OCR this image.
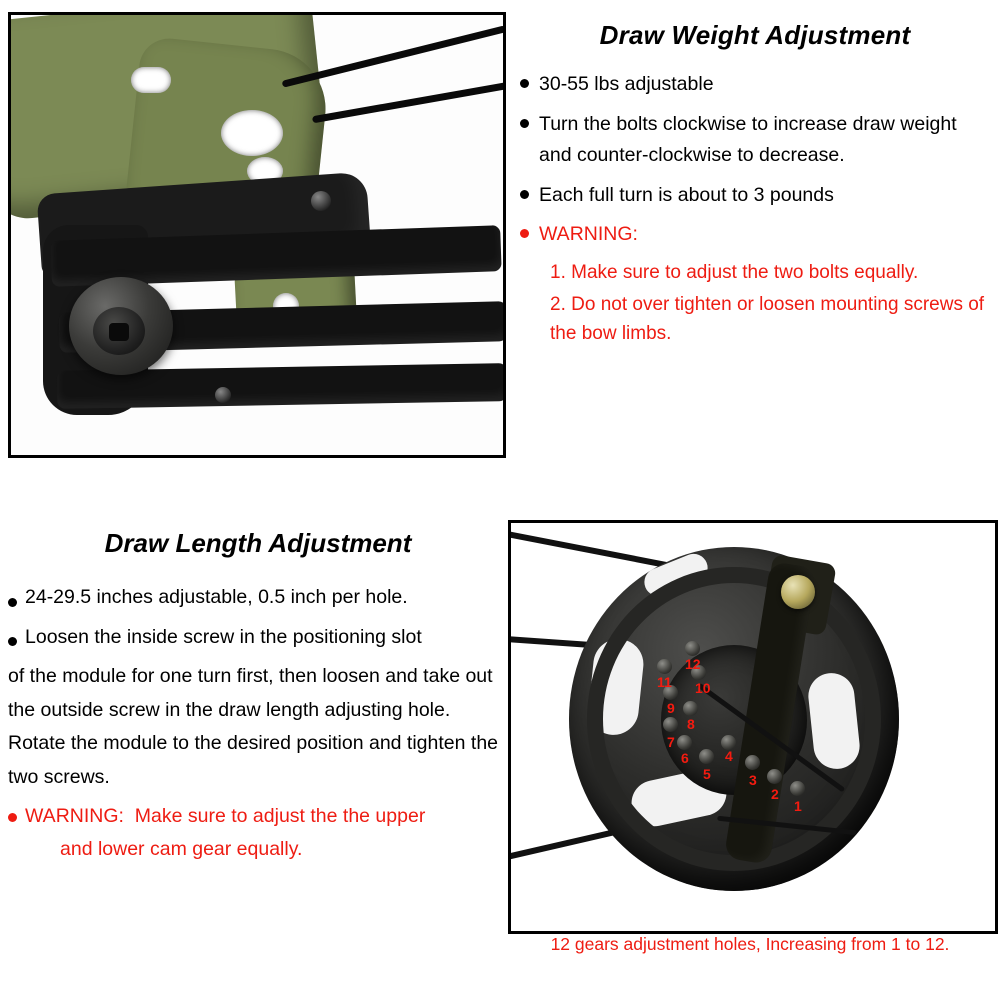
Draw Weight Adjustment
30-55 lbs adjustable
Turn the bolts clockwise to increase draw weight and counter-clockwise to decrease.
Each full turn is about to 3 pounds
WARNING:
1. Make sure to adjust the two bolts equally.
2. Do not over tighten or loosen mounting screws of the bow limbs.
Draw Length Adjustment
24-29.5 inches adjustable, 0.5 inch per hole.
Loosen the inside screw in the positioning slot
of the module for one turn first, then loosen and take out the outside screw in the draw length adjusting hole. Rotate the module to the desired position and tighten the two screws.
WARNING: Make sure to adjust the the upper
and lower cam gear equally.
1
2
3
4
5
6
7
8
9
10
11
12
12 gears adjustment holes, Increasing from 1 to 12.
